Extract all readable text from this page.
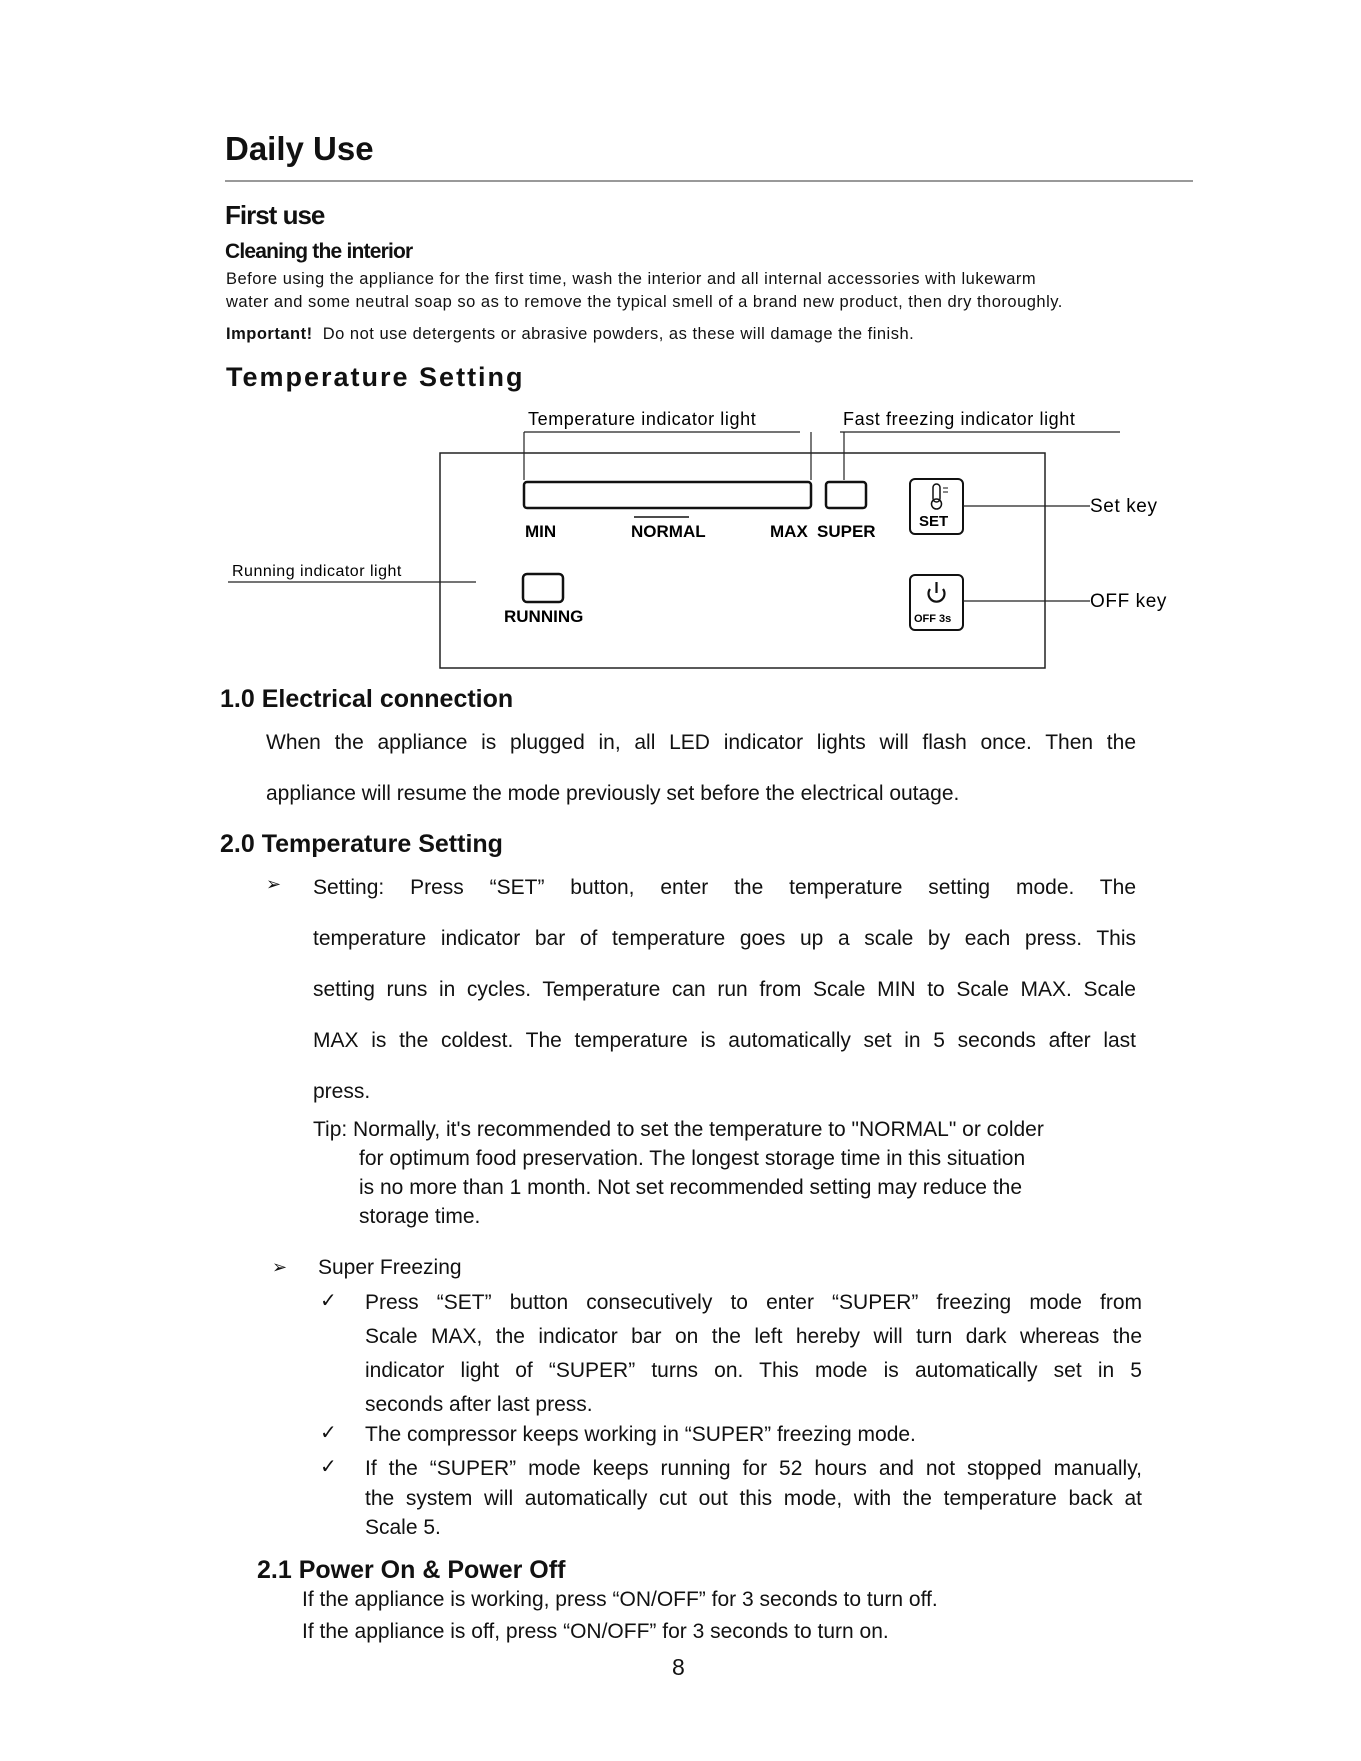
Daily Use
First use
Cleaning the interior
Before using the appliance for the first time, wash the interior and all internal accessories with lukewarm
water and some neutral soap so as to remove the typical smell of a brand new product, then dry thoroughly.
Important! Do not use detergents or abrasive powders, as these will damage the finish.
Temperature Setting
Temperature indicator light	Fast freezing indicator light
MIN	NORMAL	MAX SUPER
SET
Set key
Running indicator light
RUNNING	OFF 3s
OFF key
1.0 Electrical connection
When the appliance is plugged in, all LED indicator lights will flash once. Then the
appliance will resume the mode previously set before the electrical outage.
2.0 Temperature Setting
➢ Setting: Press “SET” button, enter the temperature setting mode. The
temperature indicator bar of temperature goes up a scale by each press. This
setting runs in cycles. Temperature can run from Scale MIN to Scale MAX. Scale
MAX is the coldest. The temperature is automatically set in 5 seconds after last
press.
Tip: Normally, it's recommended to set the temperature to "NORMAL" or colder
for optimum food preservation. The longest storage time in this situation
is no more than 1 month. Not set recommended setting may reduce the
storage time.
➢ Super Freezing
✓ Press “SET” button consecutively to enter “SUPER” freezing mode from
Scale MAX, the indicator bar on the left hereby will turn dark whereas the
indicator light of “SUPER” turns on. This mode is automatically set in 5
seconds after last press.
✓ The compressor keeps working in “SUPER” freezing mode.
✓ If the “SUPER” mode keeps running for 52 hours and not stopped manually,
the system will automatically cut out this mode, with the temperature back at
Scale 5.
2.1 Power On & Power Off
If the appliance is working, press “ON/OFF” for 3 seconds to turn off.
If the appliance is off, press “ON/OFF” for 3 seconds to turn on.
8
